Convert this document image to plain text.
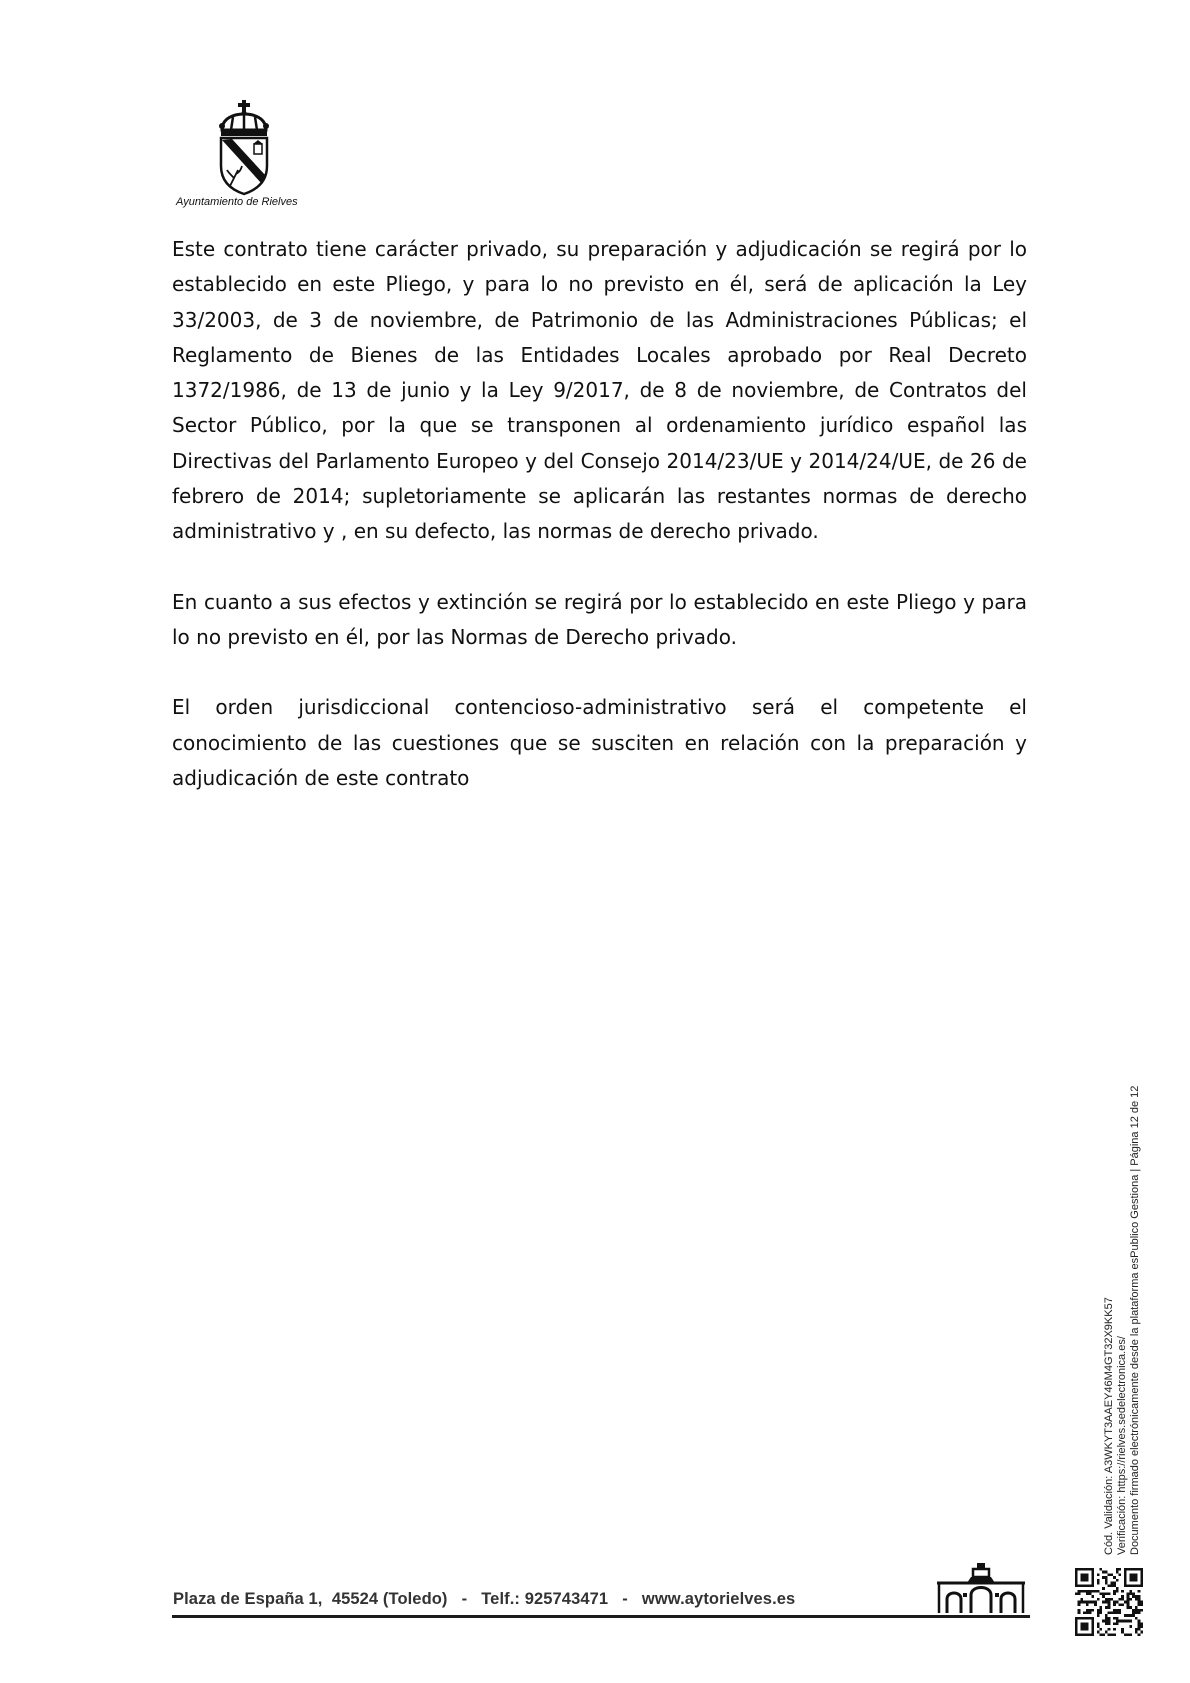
Ayuntamiento de Rielves

Este contrato tiene carácter privado, su preparación y adjudicación se regirá por lo establecido en este Pliego, y para lo no previsto en él, será de aplicación la Ley 33/2003, de 3 de noviembre, de Patrimonio de las Administraciones Públicas; el Reglamento de Bienes de las Entidades Locales aprobado por Real Decreto 1372/1986, de 13 de junio y la Ley 9/2017, de 8 de noviembre, de Contratos del Sector Público, por la que se transponen al ordenamiento jurídico español las Directivas del Parlamento Europeo y del Consejo 2014/23/UE y 2014/24/UE, de 26 de febrero de 2014; supletoriamente se aplicarán las restantes normas de derecho administrativo y , en su defecto, las normas de derecho privado.

En cuanto a sus efectos y extinción se regirá por lo establecido en este Pliego y para lo no previsto en él, por las Normas de Derecho privado.

El orden jurisdiccional contencioso-administrativo será el competente el conocimiento de las cuestiones que se susciten en relación con la preparación y adjudicación de este contrato

Plaza de España 1,  45524 (Toledo)   -   Telf.: 925743471   -   www.aytorielves.es
Cód. Validación: A3WKYT3AAEY46M4GT32X9KK57 Verificación: https://rielves.sedelectronica.es/ Documento firmado electrónicamente desde la plataforma esPublico Gestiona | Página 12 de 12
